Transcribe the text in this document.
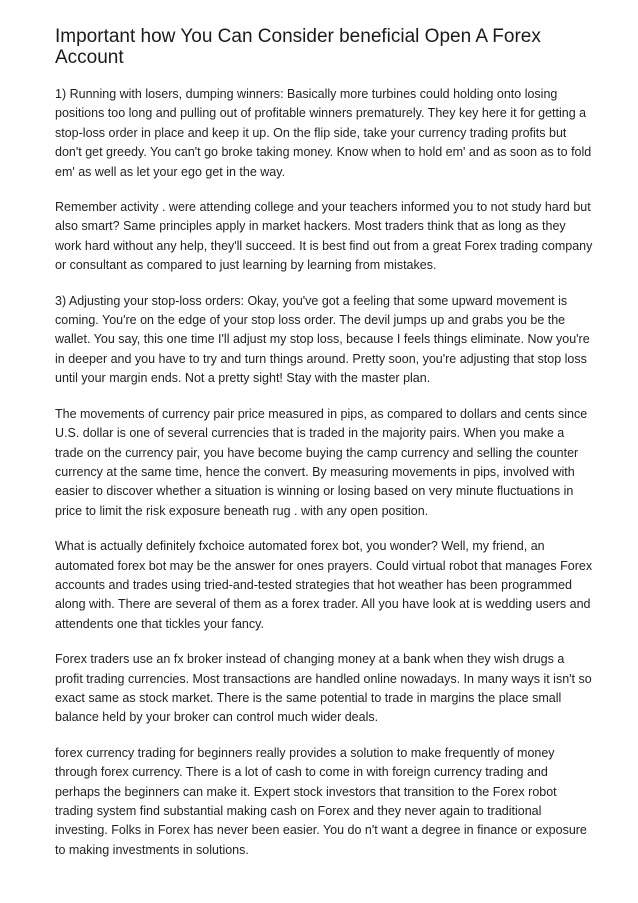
Important how You Can Consider beneficial Open A Forex Account

1) Running with losers, dumping winners: Basically more turbines could holding onto losing positions too long and pulling out of profitable winners prematurely. They key here it for getting a stop-loss order in place and keep it up. On the flip side, take your currency trading profits but don't get greedy. You can't go broke taking money. Know when to hold em' and as soon as to fold em' as well as let your ego get in the way.

Remember activity . were attending college and your teachers informed you to not study hard but also smart? Same principles apply in market hackers. Most traders think that as long as they work hard without any help, they'll succeed. It is best find out from a great Forex trading company or consultant as compared to just learning by learning from mistakes.

3) Adjusting your stop-loss orders: Okay, you've got a feeling that some upward movement is coming. You're on the edge of your stop loss order. The devil jumps up and grabs you be the wallet. You say, this one time I'll adjust my stop loss, because I feels things eliminate. Now you're in deeper and you have to try and turn things around. Pretty soon, you're adjusting that stop loss until your margin ends. Not a pretty sight! Stay with the master plan.

The movements of currency pair price measured in pips, as compared to dollars and cents since U.S. dollar is one of several currencies that is traded in the majority pairs. When you make a trade on the currency pair, you have become buying the camp currency and selling the counter currency at the same time, hence the convert. By measuring movements in pips, involved with easier to discover whether a situation is winning or losing based on very minute fluctuations in price to limit the risk exposure beneath rug . with any open position.

What is actually definitely fxchoice automated forex bot, you wonder? Well, my friend, an automated forex bot may be the answer for ones prayers. Could virtual robot that manages Forex accounts and trades using tried-and-tested strategies that hot weather has been programmed along with. There are several of them as a forex trader. All you have look at is wedding users and attendents one that tickles your fancy.

Forex traders use an fx broker instead of changing money at a bank when they wish drugs a profit trading currencies. Most transactions are handled online nowadays. In many ways it isn't so exact same as stock market. There is the same potential to trade in margins the place small balance held by your broker can control much wider deals.

forex currency trading for beginners really provides a solution to make frequently of money through forex currency. There is a lot of cash to come in with foreign currency trading and perhaps the beginners can make it. Expert stock investors that transition to the Forex robot trading system find substantial making cash on Forex and they never again to traditional investing. Folks in Forex has never been easier. You do n't want a degree in finance or exposure to making investments in solutions.
